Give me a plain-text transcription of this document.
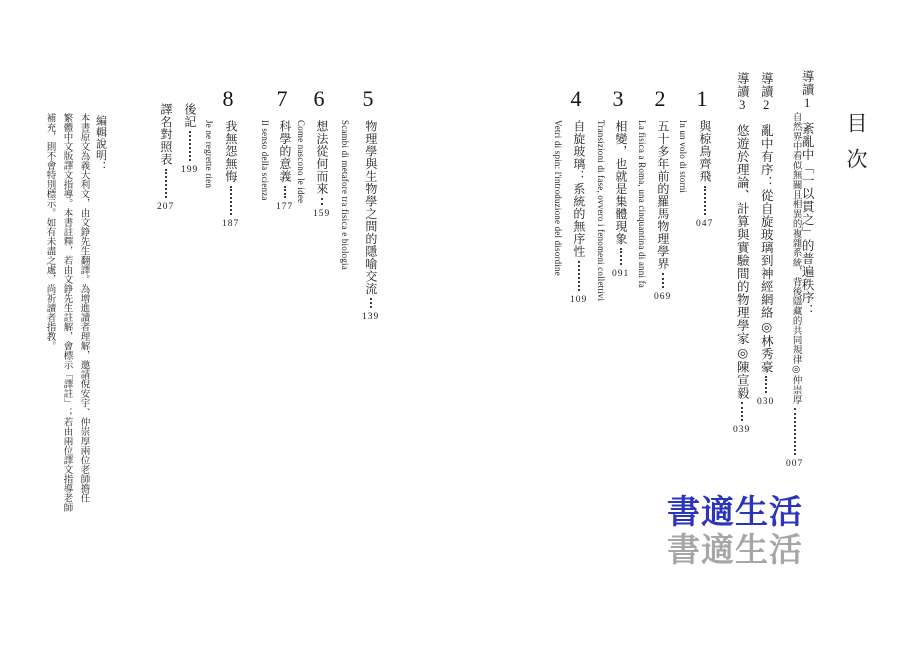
目次
導讀1
紊亂中「一以貫之」的普遍秩序：
自然界中看似無關且相異的複雜系統，背後隱藏的共同規律
◎仲崇厚
007
導讀2
亂中有序：從自旋玻璃到神經網絡
◎林秀豪
030
導讀3
悠遊於理論、計算與實驗間的物理學家
◎陳宣毅
039
1
In un volo di storni 與椋鳥齊飛
047
2
La fisica a Roma, una cinquantina di anni fa 五十多年前的羅馬物理學界
069
3
Transizioni di fase, ovvero i fenomeni collettivi 相變，也就是集體現象
091
4
Vetri di spin: l'introduzione del disordine 自旋玻璃：系統的無序性
109
5
Scambi di metafore tra fisica e biologia 物理學與生物學之間的隱喻交流
139
6
Come nascono le idee 想法從何而來
159
7
Il senso della scienza 科學的意義
177
8
Je ne regrette rien 我無怨無悔
187
後記
199
譯名對照表
207
編輯說明：
本書原文為義大利文，由文錚先生翻譯。為增進讀者理解，邀請倪安宇、仲崇厚兩位老師擔任
繁體中文版譯文指導。本書註釋，若由文錚先生註解，會標示「譯註」；若由兩位譯文指導老師
補充，則不會特別標示。如有未盡之處，尚祈讀者指教。
書適生活
書適生活
